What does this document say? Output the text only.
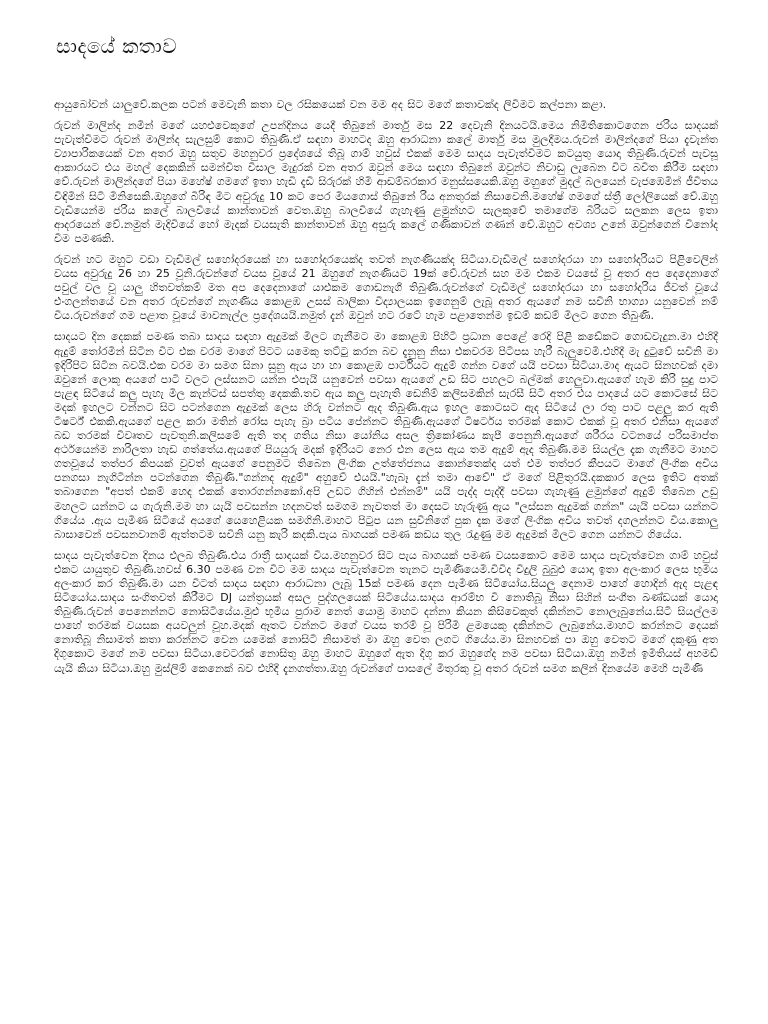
s
සාදයේ කතාව

ආයුබෝවන් යාලුවේ.කලක පටන් මෙවැනි කතා වල රසිකයෙක් වන මම අද සිට මගේ කතාවක්ද ලිවීමට කල්පනා කළා.

රුවන් මාලින්ද නමින් මගේ යහළුවෙකුගේ උපන්දිනය යෙදී තිබුනේ මාර්තු මස 22 දෙවැනි දිනයටයි.මෙය නිමිතිකොටගෙන ජරිය සාදයක් පැවැත්වීමට රුවන් මාලින්ද සැලසුම් කොට තිබුණි.ඒ සඳහා මාහටද ඔහු ආරාධනා කලේ මාර්තු මස මුලදීමය.රුවන් මාලින්දගේ පියා දැවැන්ත ව්‍යාපාරිකයෙක් වන අතර ඔහු සතුව මහනුවර ප්‍රදේශයේ තිබූ ගාම් හවුස් එකක් මෙම සාදය පැවැත්වීමට කටයුතු යොදා තිබුණි.රුවන් පැවසූ ආකාරයට එය මහල් දෙකකින් සමන්විත විසාල මැදුරක් වන අතර ඔවුන් මෙය සඳහා තිබුනේ ඔවුන්ට නිවාඩු ලැබෙන විට බවිත කිරීම සඳහා වේ.රුවන් මාලින්දගේ පියා මහේෂ් ගමගේ ඉතා හැඩි දැඩි සිරුරක් හිමි ආඩම්බරකාර මනුස්සයෙකි.ඔහු මහුගේ මුදල් බලයෙන් වැජඹෙමින් ජීවිතය විඳිමින් සිටි මිනිසෙකි.ඔහුගේ බිරිඳ මීට අවුරුදු 10 කට පෙර මියගොස් තිබුනේ රිය අනතුරක් නිසාවෙනි.මහේෂ් ගමගේ ස්ත්‍රී ලෝලියෙක් වේ.ඔහු වැඩියෙන්ම ජරිය කලේ බාලවියේ කාන්තාවන් වෙත.ඔහු බාලවියේ ගැහැණු ළමුන්හට සැලකුවේ තමාගේම බිරියට සලකන ලෙස ඉතා ආදරයෙන් වේ.නමුත් මැදිවියේ හෝ මැදක් වයසැති කාන්තාවන් ඔහු අසුරු කලේ ගණිකාවන් ගණන් වේ.ඔහුට අවශ්‍ය උනේ ඔවුන්ගෙන් විනෝද වීම පමණකි.

රුවන් හට මහුට වඩා වැඩිමල් සහෝදරයෙක් හා සහෝදරයෙක්ද තවත් නැගණියක්ද සිටියා.වැඩිමල් සහෝදරයා හා සහෝදරියට පිළිවෙලින් වයස අවුරුදු 26 හා 25 වූනි.රුවන්ගේ වයස වූයේ 21 ඔහුගේ නැගණියට 19ක් වේ.රුවන් සහ මම එකම වයසේ වූ අතර අප දෙදෙනාගේ පවුල් වල වූ යාලු හිතවත්කම් මත අප දෙදෙනාගේ යාළුකම ගොඩනැගී තිබුණි.රුවන්ගේ වැඩිමල් සහෝදරයා හා සහෝදරිය ජීවත් වූයේ එංගලන්තයේ වන අතර රුවන්ගේ නැගණිය කොළඹ උසස් බාලිකා විද්‍යාලයක ඉගෙනුම් ලැබූ අතර ඇයගේ නම සවිනි භාග්‍යා යනුවෙන් නම් විය.රුවන්ගේ ගම පළාත වූයේ මාවනැල්ල ප්‍රදේශයයි.නමුත් දැන් ඔවුන් හට රටේ හැම පළාතෙන්ම ඉඩම් කඩම් මිලට ගෙන තිබුණි.

සාදයට දින දෙකක් පමණ තබා සාදය සඳහා ඇදුමක් මිලට ගැනීමට මා කොළඹ පිහිටි ප්‍රධාන පෙළේ රෙදි පිළි කඩේකට ගොඩවැදුන.මා එහිදී ඇදුම් තෝරමින් සිටින විට එක වරම මාගේ පිටට යමෙකු තට්ටු කරන බව දැනුනු නිසා එකවරම පිටිපස හැරී බැලුවෙමි.එහිදී මැ දුටුවේ සවිනි මා ඉදිරිපිට සිටින බවයි.එක වරම මා සමග සිනා සුනු ඇය හා හා කොළඹ පාර්ටියට ඇදුම් ගන්න වගේ යයි පවසා සිටියා.මාද ඇයට සිනහවක් දමා ඔවුනේ ලොකු අයගේ පාටි වලට ලස්සනට යන්න එපැයි යනුවෙන් පවසා ඇයගේ උඩ සිට පහලට බල්මක් හෙලුවා.ඇයගේ හැම කිරි සුදු පාට පැළඳ සිටියේ කලු පැහැ මිල කැන්ටස් සපත්තු දෙකකි.තව ඇය කලු පැහැති ඩෙනිම් කලිසමකින් සැරසී සිටි අතර එය පාදයේ යට කොටසේ සිට මදක් ඉහලට වන්නට සිට පටන්ගෙන ඇදුමක් ලෙස හිරු වන්නට ඇද තිබුණි.ඇය ඉහල කොටසට ඇද සිටියේ ලා රතු පාට පළලු කර ඇති ටීෂර්ට් එකකි.ඇයගේ පළල කරා මතින් රෝස පැහැ බ්‍රා පටිය පේන්නට තිබුණි.ඇයගේ ටිෂර්ටය තරමක් කොට එකක් වූ අතර එනිසා ඇයගේ බඩ තරමක් විවෘතව පැවතුනි.කලිසමේ ඇති තද ගතිය නිසා යෝනිය අසල ත්‍රිකෝණය කැපී පෙනුනි.ඇයගේ ශරීරය වටනයේ පරිසමාප්ත අර්ථයෙන්ම නාරිලතා හැඩ ගත්තේය.ඇයගේ පියයුරු මදක් ඉදිරියට නෙර එන ලෙස ඇය තම ඇදුම් ඇද තිබුණි.මම සියල්ල දැක ගැනීමට මාහට ගතවූයේ තත්පර කිපයක් වුවත් ඇයගේ පෙනුමට තිබෙන ලිංගික උත්තේජනය කොන්තෙක්ද යත් එම තත්පර කීපයට මාගේ ලිංගික අවිය පනගසා නැගිටින්න පටන්ගෙන තිබුණි."ගන්නද ඇදුම්" අහුවේ එයයි."හැබෑ දැන් තමා ආවේ" ඒ මගේ පිළිතුරයි.දකකාර ලෙස ඉතිට අතක් තබාගෙන "අපත් එකම් හෙද එකක් තොරගන්නකෝ.අපි උඩට ගිහින් එන්නම්" යයි පැද්ද පැද්දී පවසා ගැහැණු ළමුන්ගේ ඇදුම් තිබෙන උඩු මහලට යන්නට ය ගැරුනි.මම හා යැයි පවසන්න හදනවත් සමගම නැවතත් මා දෙසට හැරුණු ඇය "ලස්සන ඇදුමක් ගන්න" යැයි පවසා යන්නට ගියේය .ඇය පැමිණ සිටියේ අයගේ යෙහෙළියක සමගිනි.මාහට පිටුප යන සුවිනිගේ පුක දැක මගේ ලිංගික අවිය තවත් දගලන්නට විය.කොලු බාසාවෙන් පවසනවානම් ඇත්තටම සවිනි යනු කැරි කදකි.පැය බාගයක් පමණ කඩය තුල රැදුණු මම ඇදුමක් මිලට ගෙන යන්නට ගියේය.

සාදය පැවැත්වෙන දිනය එලබ තිබුණි.එය රාත්‍රී සාදයක් විය.මහනුවර සිට පැය බාගයක් පමණ වයසකොට මෙම සාදය පැවැත්වෙන ගාම් හවුස් එකට යායුතුව තිබුණි.හවස් 6.30 පමණ වන විට මම සාදය පැවැත්වෙන තැනට පැමිණියෙමි.විවිද විදුලි බුබුළු යොදා ඉතා අලංකාර ලෙස භූමිය අලංකාර කර තිබුණි.මා යන විටත් සාදය සඳහා ආරාධනා ලැබූ 15ක් පමණ දෙන පැමිණ සිටියෝය.සියලු දෙනාම පාහේ හොදින් ඇද පැළඳ සිටියෝය.සාදය සංගිතවත් කිරීමට DJ යන්ත්‍රයක් අසල පුද්ගලයෙක් සිටියේය.සාදය ආරම්භ වී නොතිබූ නිසා සිහින් සංගීත ඛණ්ඩයක් යොදා තිබුණි.රුවන් පෙනෙන්නට නොසිටියේය.මුළු භූමිය පුරාම නෙත් යොමු මාහට දන්නා කියන කිසිවෙකුත් දකින්නට නොලැබුනේය.සිටි සියල්ලම පාහේ තරමක් වයසක අයවලුන් වූහ.මදක් ඈතට වන්නට මගේ වයස තරම් වූ පිරිමි ළමයෙකු දකින්නට ලැබුනේය.මාහට කරන්නට දෙයක් නොතිබූ නිසාමත් කතා කරන්නට වෙන යමෙක් නොසිටි නිසාමත් මා ඔහු වෙත ලගට ගියේය.මා සිනහවක් පා ඔහු වෙතට මගේ දකුණු අත දිගුකොට මගේ නම පවසා සිටියා.වෙටරක් නොසිතු ඔහු මාහට ඔහුගේ ඇත දිගු කර ඔහුගේද නම පවසා සිටියා.ඔහු නමින් ඉමිතියස් අහමඩ් යැයි කියා සිටියා.ඔහු මුස්ලිම් කෙනෙක් බව එහිදී දැනගත්තා.ඔහු රුවන්ගේ පාසලේ මිතුරකු වූ අතර රුවන් සමග කලින් දිනයේම මෙහි පැමිණි
